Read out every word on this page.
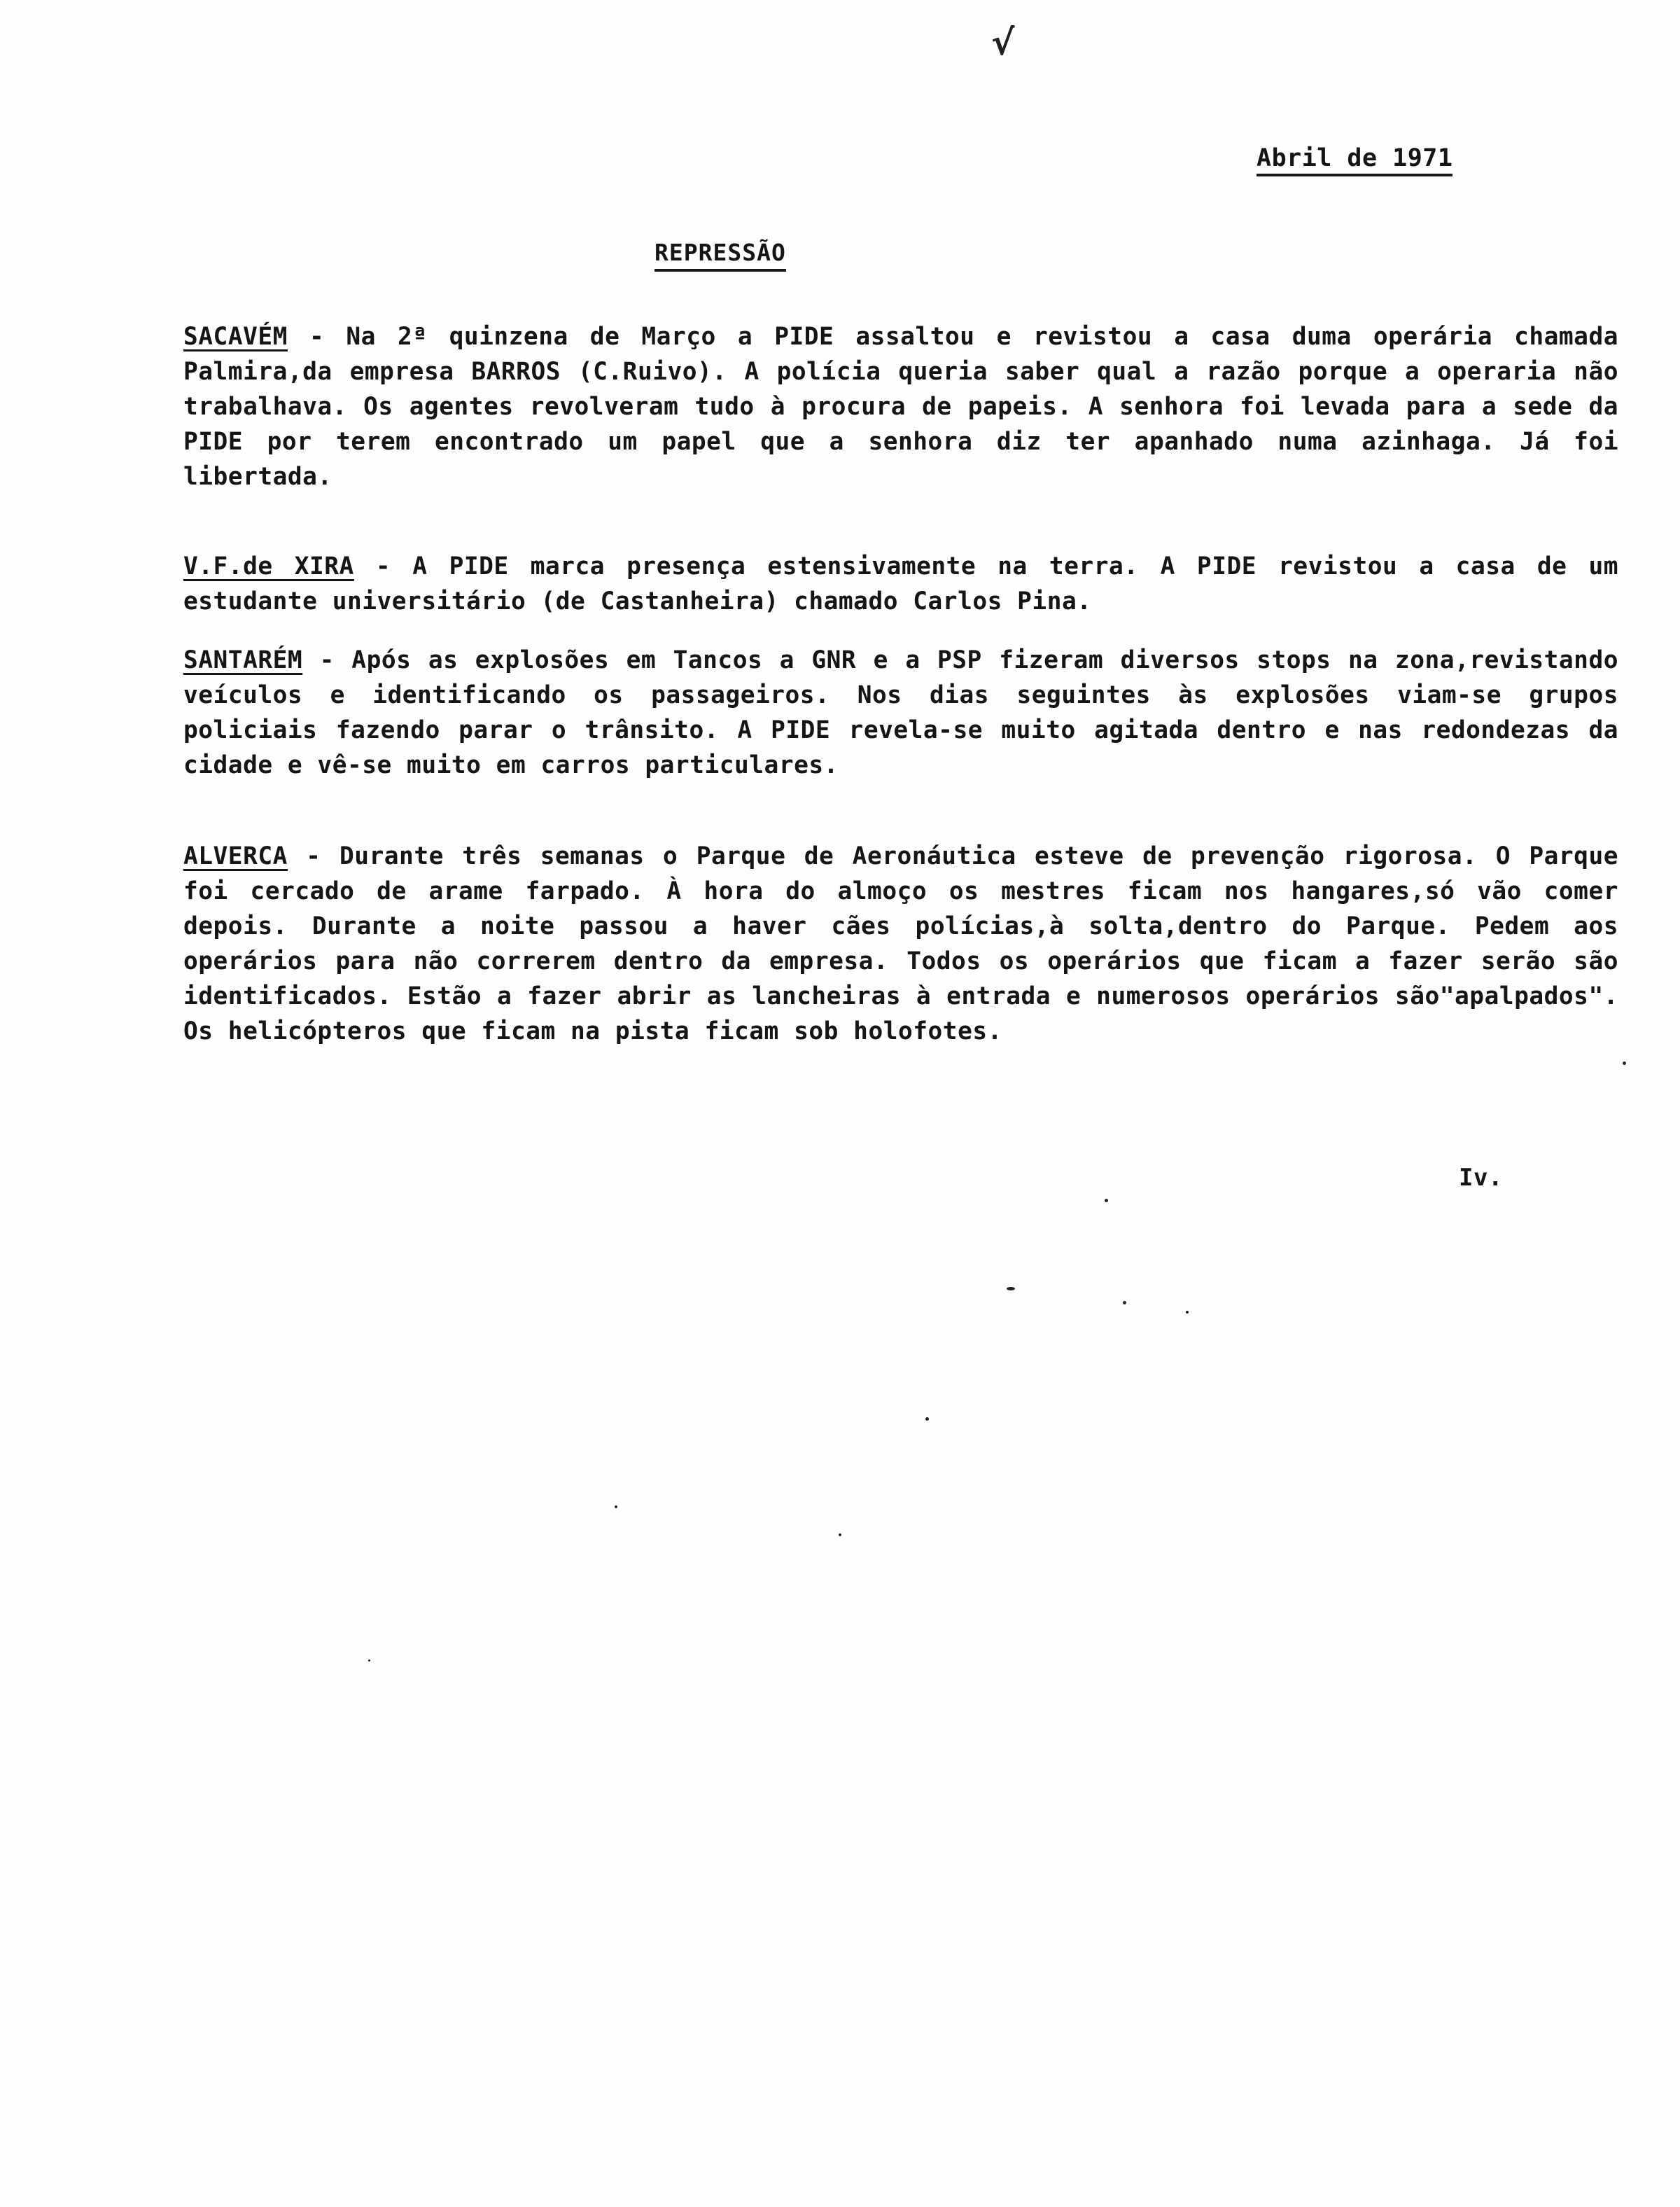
√
Abril de 1971
REPRESSÃO

SACAVÉM - Na 2ª quinzena de Março a PIDE assaltou e revistou a casa duma operária chamada Palmira,da empresa BARROS (C.Ruivo). A polícia queria saber qual a razão porque a operaria não trabalhava. Os agentes revolveram tudo à procura de papeis. A senhora foi levada para a sede da PIDE por terem encontrado um papel que a senhora diz ter apanhado numa azinhaga. Já foi libertada.

V.F.de XIRA - A PIDE marca presença estensivamente na terra. A PIDE revistou a casa de um estudante universitário (de Castanheira) chamado Carlos Pina.

SANTARÉM - Após as explosões em Tancos a GNR e a PSP fizeram diversos stops na zona,revistando veículos e identificando os passageiros. Nos dias seguintes às explosões viam-se grupos policiais fazendo parar o trânsito. A PIDE revela-se muito agitada dentro e nas redondezas da cidade e vê-se muito em carros particulares.

ALVERCA - Durante três semanas o Parque de Aeronáutica esteve de prevenção rigorosa. O Parque foi cercado de arame farpado. À hora do almoço os mestres ficam nos hangares,só vão comer depois. Durante a noite passou a haver cães polícias,à solta,dentro do Parque. Pedem aos operários para não correrem dentro da empresa. Todos os operários que ficam a fazer serão são identificados. Estão a fazer abrir as lancheiras à entrada e numerosos operários são"apalpados". Os helicópteros que ficam na pista ficam sob holofotes.

Iv.
